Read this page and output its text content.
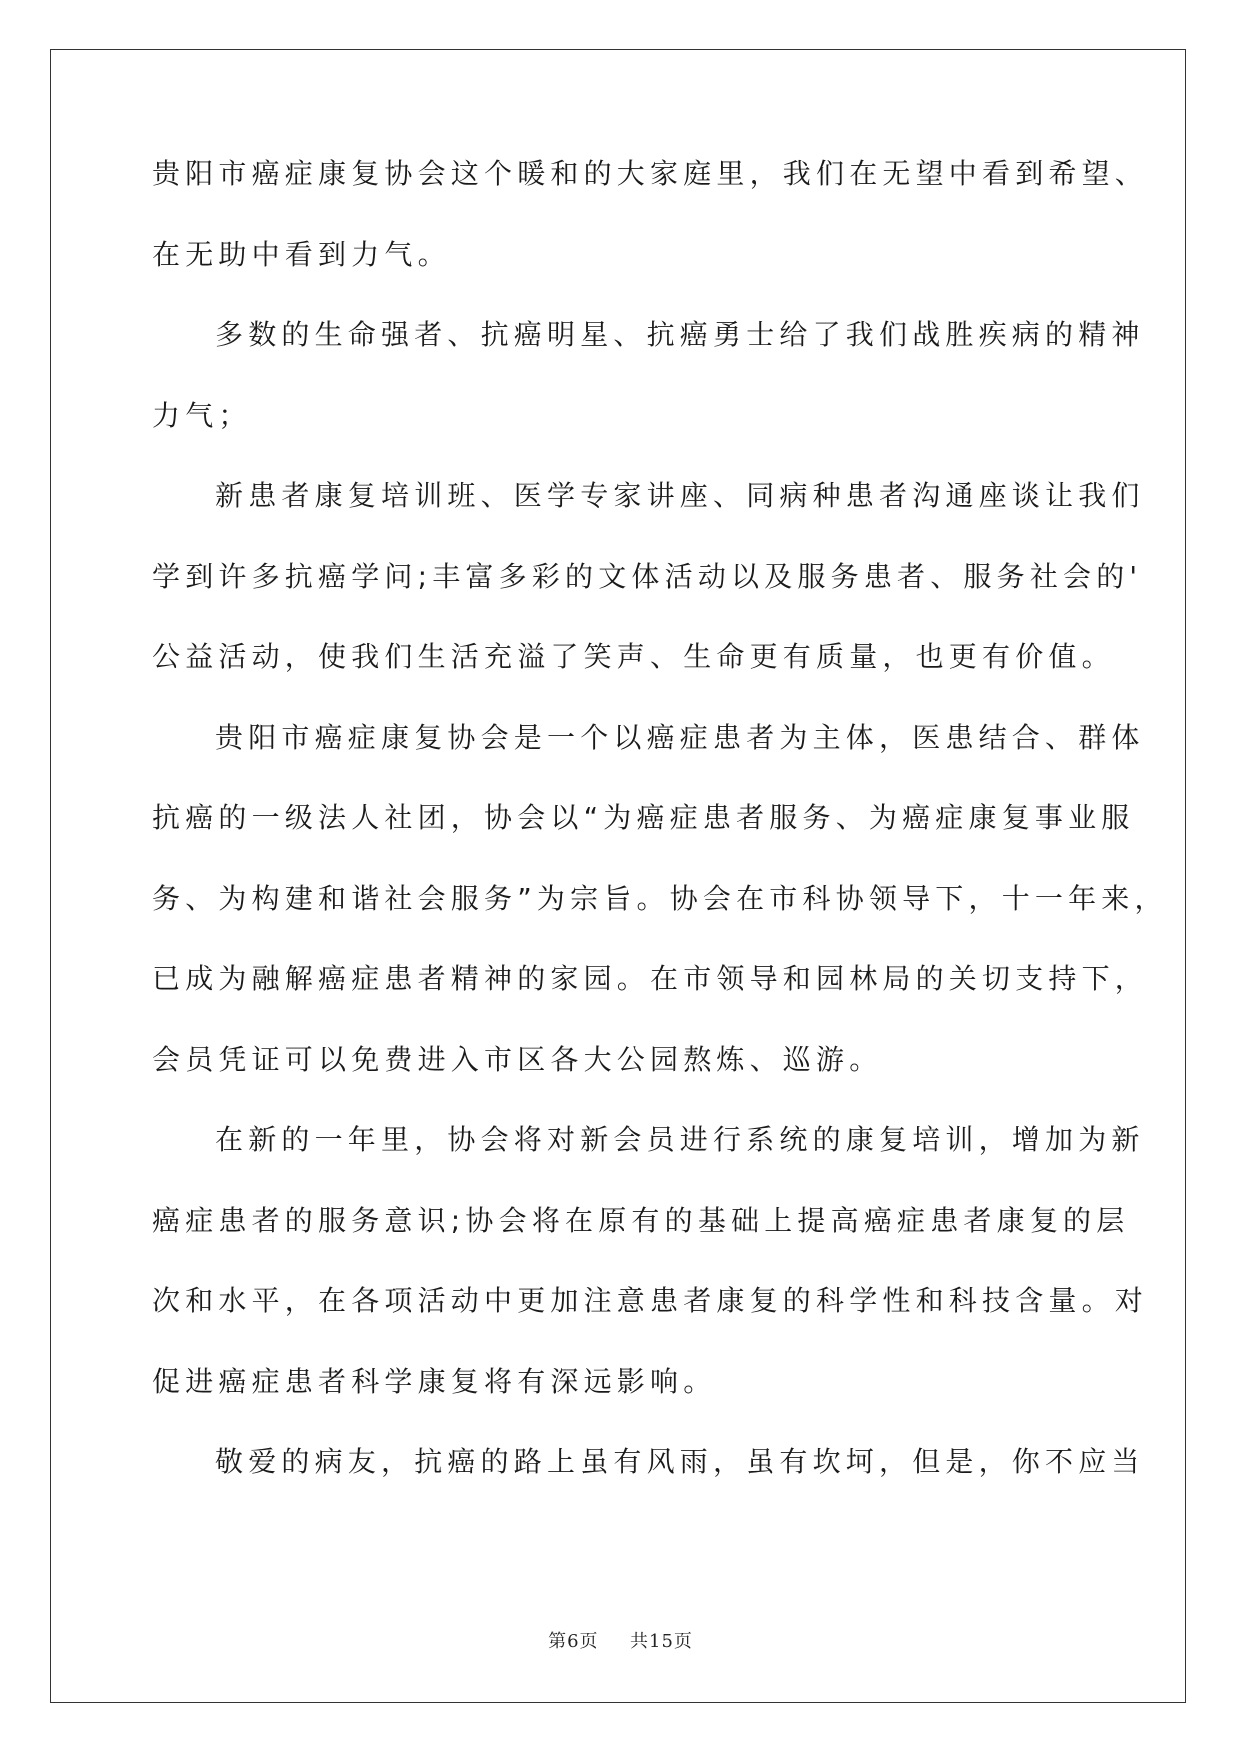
贵阳市癌症康复协会这个暖和的大家庭里，我们在无望中看到希望、
在无助中看到力气。
多数的生命强者、抗癌明星、抗癌勇士给了我们战胜疾病的精神
力气；
新患者康复培训班、医学专家讲座、同病种患者沟通座谈让我们
学到许多抗癌学问;丰富多彩的文体活动以及服务患者、服务社会的'
公益活动，使我们生活充溢了笑声、生命更有质量，也更有价值。
贵阳市癌症康复协会是一个以癌症患者为主体，医患结合、群体
抗癌的一级法人社团，协会以“为癌症患者服务、为癌症康复事业服
务、为构建和谐社会服务”为宗旨。协会在市科协领导下，十一年来，
已成为融解癌症患者精神的家园。在市领导和园林局的关切支持下，
会员凭证可以免费进入市区各大公园熬炼、巡游。
在新的一年里，协会将对新会员进行系统的康复培训，增加为新
癌症患者的服务意识;协会将在原有的基础上提高癌症患者康复的层
次和水平，在各项活动中更加注意患者康复的科学性和科技含量。对
促进癌症患者科学康复将有深远影响。
敬爱的病友，抗癌的路上虽有风雨，虽有坎坷，但是，你不应当
第6页 共15页
